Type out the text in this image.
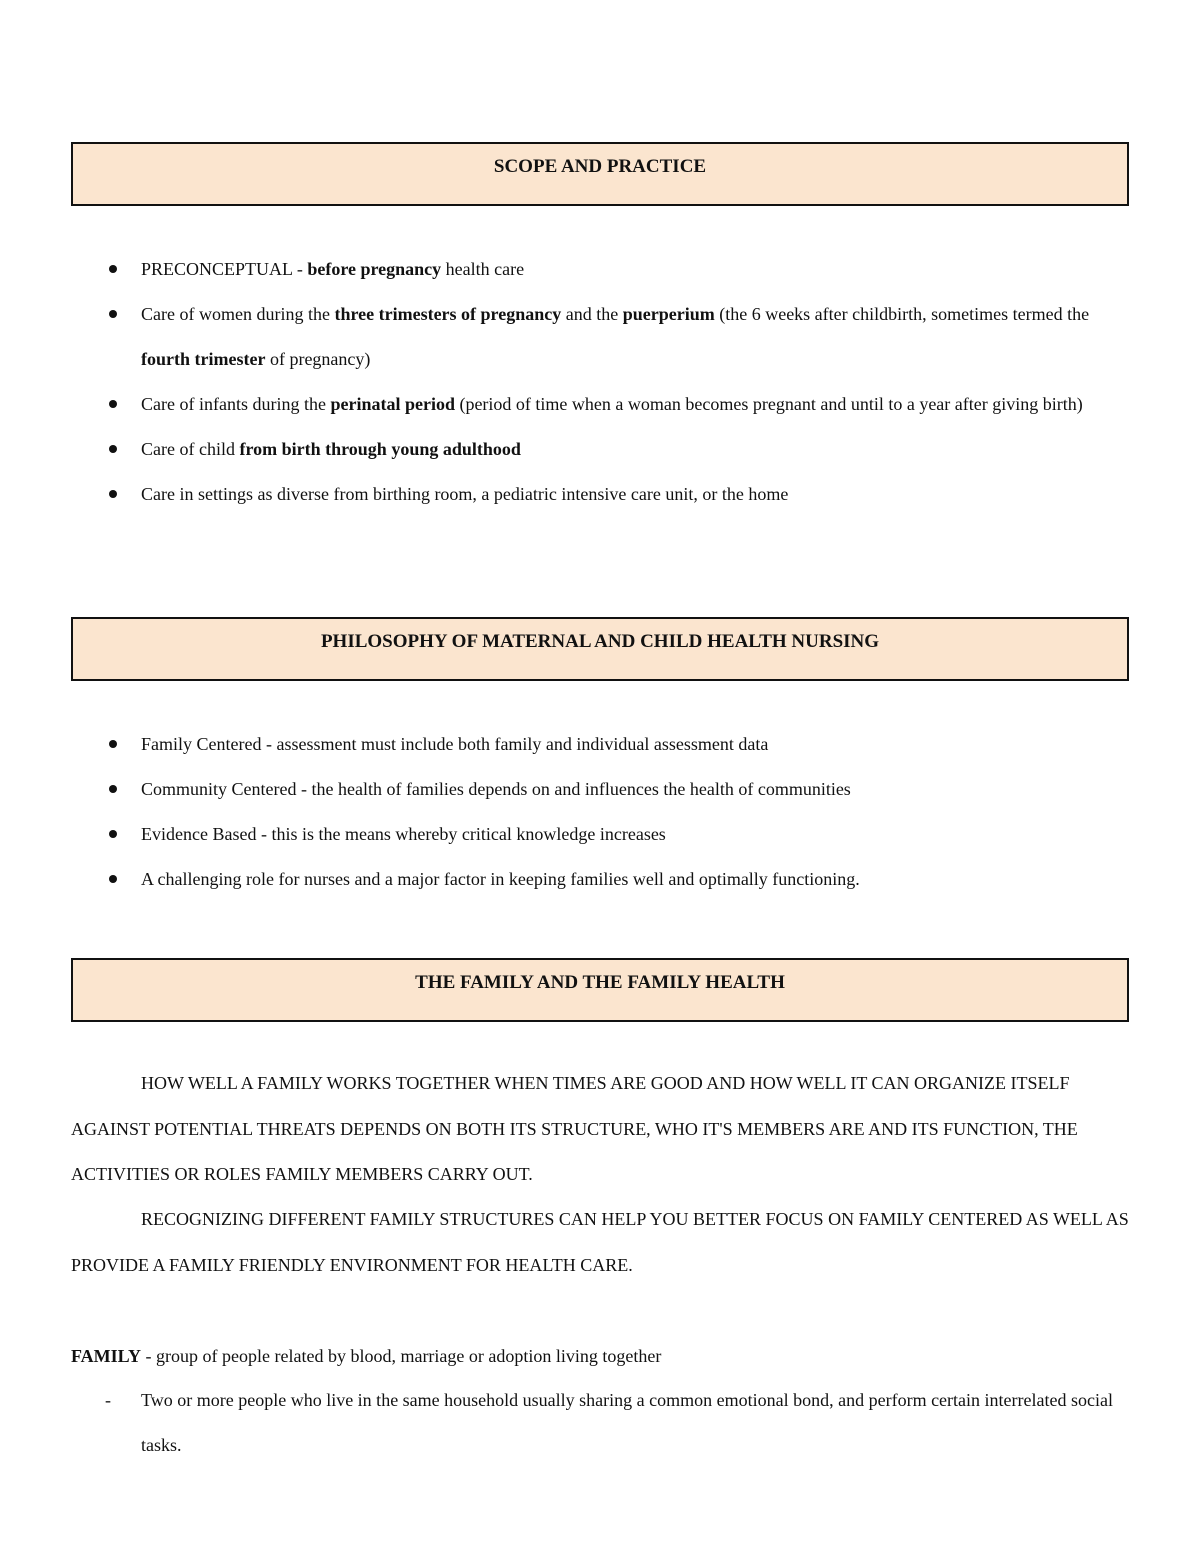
SCOPE AND PRACTICE
PRECONCEPTUAL - before pregnancy health care
Care of women during the three trimesters of pregnancy and the puerperium (the 6 weeks after childbirth, sometimes termed the fourth trimester of pregnancy)
Care of infants during the perinatal period (period of time when a woman becomes pregnant and until to a year after giving birth)
Care of child from birth through young adulthood
Care in settings as diverse from birthing room, a pediatric intensive care unit, or the home
PHILOSOPHY OF MATERNAL AND CHILD HEALTH NURSING
Family Centered - assessment must include both family and individual assessment data
Community Centered - the health of families depends on and influences the health of communities
Evidence Based - this is the means whereby critical knowledge increases
A challenging role for nurses and a major factor in keeping families well and optimally functioning.
THE FAMILY AND THE FAMILY HEALTH

HOW WELL A FAMILY WORKS TOGETHER WHEN TIMES ARE GOOD AND HOW WELL IT CAN ORGANIZE ITSELF AGAINST POTENTIAL THREATS DEPENDS ON BOTH ITS STRUCTURE, WHO IT'S MEMBERS ARE AND ITS FUNCTION, THE ACTIVITIES OR ROLES FAMILY MEMBERS CARRY OUT.

RECOGNIZING DIFFERENT FAMILY STRUCTURES CAN HELP YOU BETTER FOCUS ON FAMILY CENTERED AS WELL AS PROVIDE A FAMILY FRIENDLY ENVIRONMENT FOR HEALTH CARE.

FAMILY - group of people related by blood, marriage or adoption living together

- Two or more people who live in the same household usually sharing a common emotional bond, and perform certain interrelated social tasks.
